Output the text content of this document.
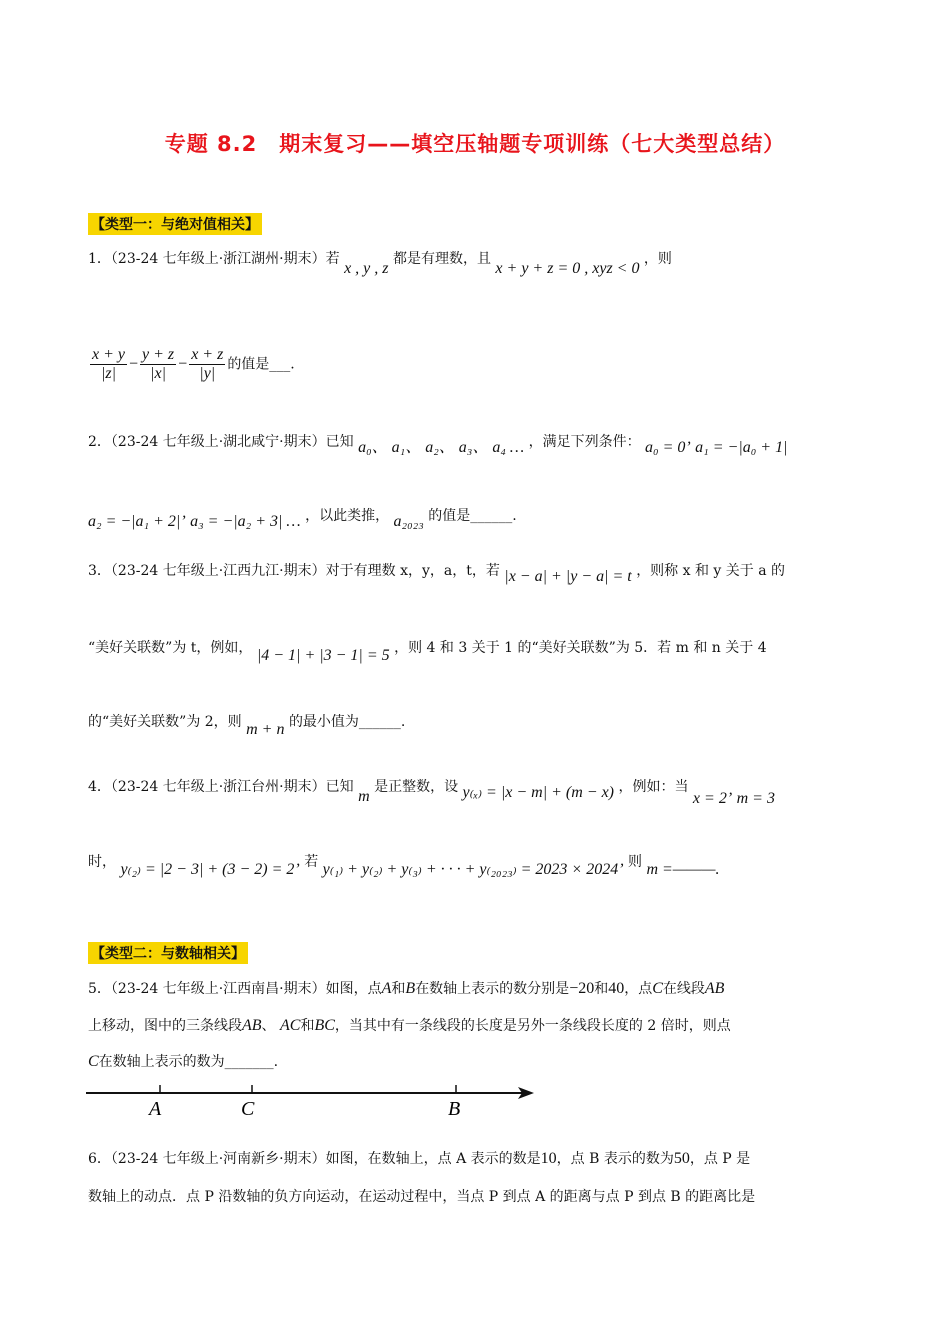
专题 8.2　期末复习——填空压轴题专项训练（七大类型总结）
【类型一：与绝对值相关】
1．（23-24 七年级上·浙江湖州·期末）若 x , y , z 都是有理数，且 x + y + z = 0 , xyz < 0 ，则
$\frac{x + y}{|z|} - \frac{y + z}{|x|} - \frac{x + z}{|y|}$ 的值是___.
2．（23-24 七年级上·湖北咸宁·期末）已知 a₀、 a₁、 a₂、 a₃、 a₄ … ，满足下列条件： a₀ = 0’ a₁ = −|a₀ + 1|
a₂ = −|a₁ + 2|’ a₃ = −|a₂ + 3| … ，以此类推， a₂₀₂₃ 的值是______.
3．（23-24 七年级上·江西九江·期末）对于有理数 x，y，a，t，若 |x − a| + |y − a| = t ，则称 x 和 y 关于 a 的
“美好关联数”为 t，例如， |4 − 1| + |3 − 1| = 5 ，则 4 和 3 关于 1 的“美好关联数”为 5．若 m 和 n 关于 4
的“美好关联数”为 2，则 m + n 的最小值为______.
4．（23-24 七年级上·浙江台州·期末）已知 m 是正整数，设 y₍ₓ₎ = |x − m| + (m − x) ，例如：当 x = 2’ m = 3
时， y₍₂₎ = |2 − 3| + (3 − 2) = 2’ 若 y₍₁₎ + y₍₂₎ + y₍₃₎ + · · · + y₍₂₀₂₃₎ = 2023 × 2024’ 则 m =———.
【类型二：与数轴相关】
5．（23-24 七年级上·江西南昌·期末）如图，点A和B在数轴上表示的数分别是−20和40，点C在线段AB
上移动，图中的三条线段AB、 AC和BC，当其中有一条线段的长度是另外一条线段长度的 2 倍时，则点
C在数轴上表示的数为_______.
A	C	B
6．（23-24 七年级上·河南新乡·期末）如图，在数轴上，点 A 表示的数是10，点 B 表示的数为50，点 P 是
数轴上的动点．点 P 沿数轴的负方向运动，在运动过程中，当点 P 到点 A 的距离与点 P 到点 B 的距离比是
